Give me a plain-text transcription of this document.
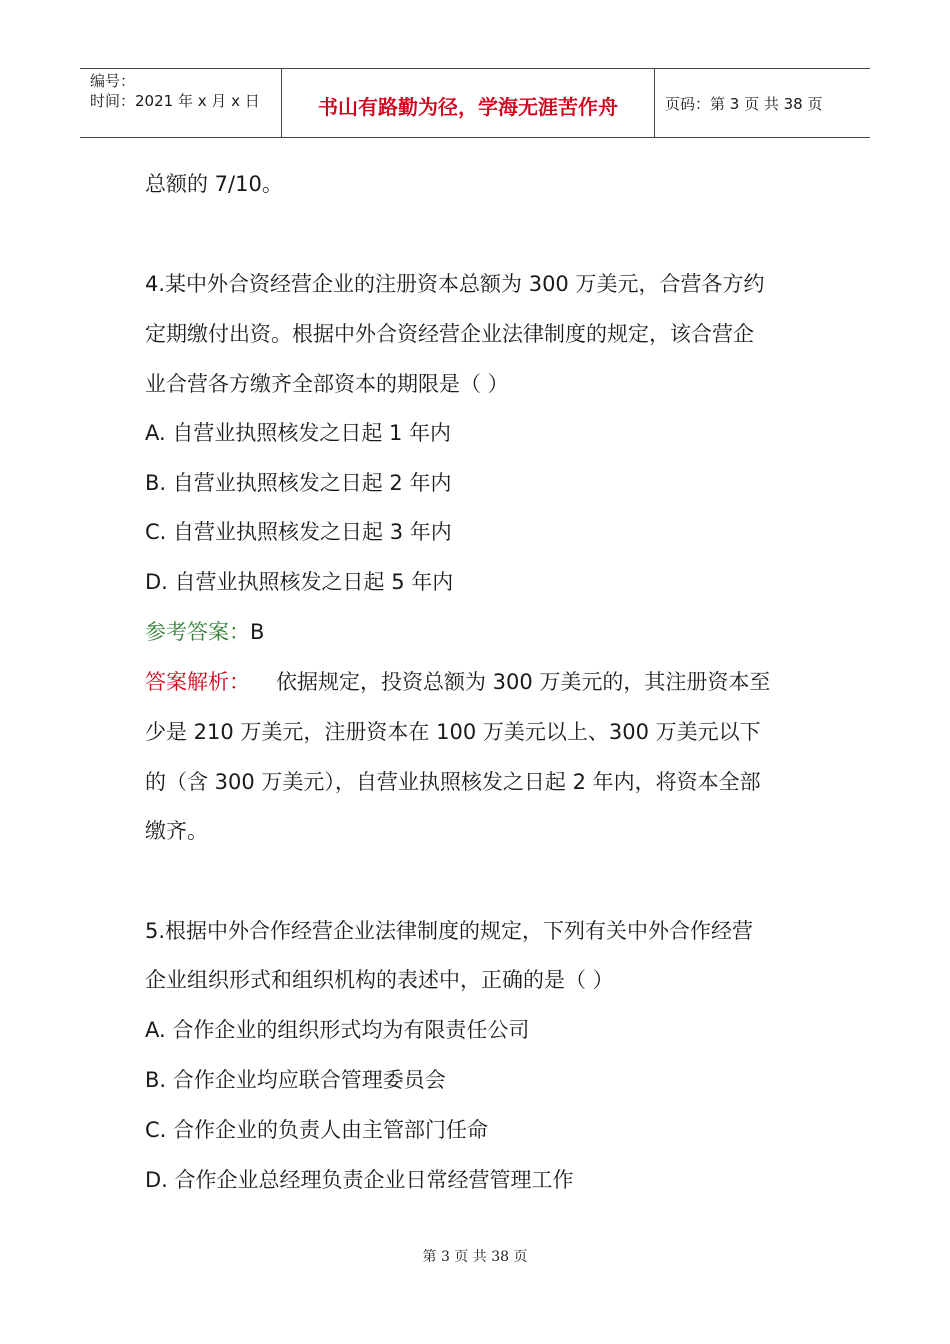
编号：
时间：2021 年 x 月 x 日	书山有路勤为径，学海无涯苦作舟	页码：第 3 页 共 38 页
总额的 7/10。
4.某中外合资经营企业的注册资本总额为 300 万美元，合营各方约
定期缴付出资。根据中外合资经营企业法律制度的规定，该合营企
业合营各方缴齐全部资本的期限是（ ）
A. 自营业执照核发之日起 1 年内
B. 自营业执照核发之日起 2 年内
C. 自营业执照核发之日起 3 年内
D. 自营业执照核发之日起 5 年内
参考答案：B
答案解析： 依据规定，投资总额为 300 万美元的，其注册资本至
少是 210 万美元，注册资本在 100 万美元以上、300 万美元以下
的（含 300 万美元），自营业执照核发之日起 2 年内，将资本全部
缴齐。
5.根据中外合作经营企业法律制度的规定，下列有关中外合作经营
企业组织形式和组织机构的表述中，正确的是（ ）
A. 合作企业的组织形式均为有限责任公司
B. 合作企业均应联合管理委员会
C. 合作企业的负责人由主管部门任命
D. 合作企业总经理负责企业日常经营管理工作
第 3 页 共 38 页
